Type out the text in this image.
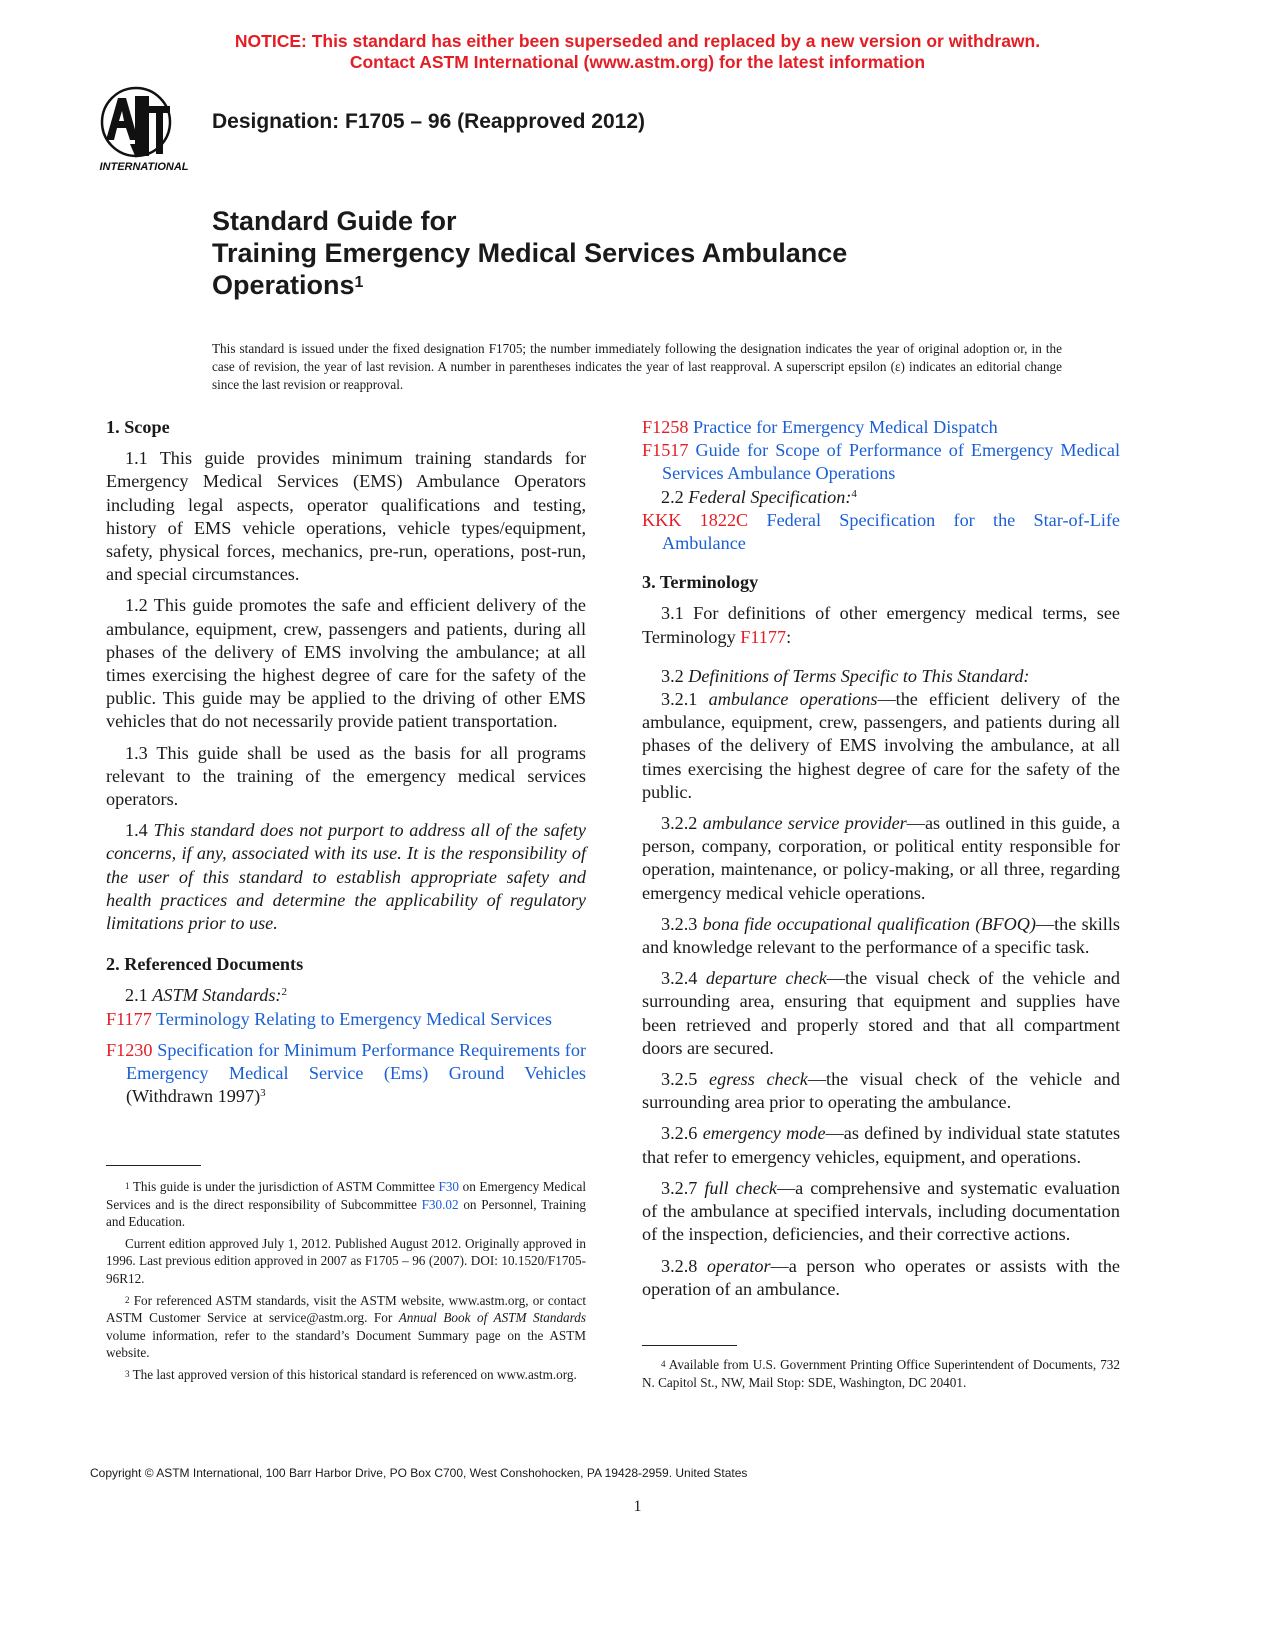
NOTICE: This standard has either been superseded and replaced by a new version or withdrawn.
Contact ASTM International (www.astm.org) for the latest information
INTERNATIONAL
Designation: F1705 – 96 (Reapproved 2012)
Standard Guide for
Training Emergency Medical Services Ambulance
Operations$^1$
This standard is issued under the fixed designation F1705; the number immediately following the designation indicates the year of original adoption or, in the case of revision, the year of last revision. A number in parentheses indicates the year of last reapproval. A superscript epsilon (ε) indicates an editorial change since the last revision or reapproval.

1. Scope

1.1 This guide provides minimum training standards for Emergency Medical Services (EMS) Ambulance Operators including legal aspects, operator qualifications and testing, history of EMS vehicle operations, vehicle types/equipment, safety, physical forces, mechanics, pre-run, operations, post-run, and special circumstances.

1.2 This guide promotes the safe and efficient delivery of the ambulance, equipment, crew, passengers and patients, during all phases of the delivery of EMS involving the ambulance; at all times exercising the highest degree of care for the safety of the public. This guide may be applied to the driving of other EMS vehicles that do not necessarily provide patient transportation.

1.3 This guide shall be used as the basis for all programs relevant to the training of the emergency medical services operators.

1.4 This standard does not purport to address all of the safety concerns, if any, associated with its use. It is the responsibility of the user of this standard to establish appropriate safety and health practices and determine the applicability of regulatory limitations prior to use.

2. Referenced Documents

2.1 ASTM Standards:$^2$

F1177 Terminology Relating to Emergency Medical Services

F1230 Specification for Minimum Performance Requirements for Emergency Medical Service (Ems) Ground Vehicles (Withdrawn 1997)$^3$

$^1$ This guide is under the jurisdiction of ASTM Committee F30 on Emergency Medical Services and is the direct responsibility of Subcommittee F30.02 on Personnel, Training and Education.

Current edition approved July 1, 2012. Published August 2012. Originally approved in 1996. Last previous edition approved in 2007 as F1705 – 96 (2007). DOI: 10.1520/F1705-96R12.

$^2$ For referenced ASTM standards, visit the ASTM website, www.astm.org, or contact ASTM Customer Service at service@astm.org. For Annual Book of ASTM Standards volume information, refer to the standard’s Document Summary page on the ASTM website.

$^3$ The last approved version of this historical standard is referenced on www.astm.org.

F1258 Practice for Emergency Medical Dispatch

F1517 Guide for Scope of Performance of Emergency Medical Services Ambulance Operations

2.2 Federal Specification:$^4$

KKK 1822C Federal Specification for the Star-of-Life Ambulance

3. Terminology

3.1 For definitions of other emergency medical terms, see Terminology F1177:

3.2 Definitions of Terms Specific to This Standard:

3.2.1 ambulance operations—the efficient delivery of the ambulance, equipment, crew, passengers, and patients during all phases of the delivery of EMS involving the ambulance, at all times exercising the highest degree of care for the safety of the public.

3.2.2 ambulance service provider—as outlined in this guide, a person, company, corporation, or political entity responsible for operation, maintenance, or policy-making, or all three, regarding emergency medical vehicle operations.

3.2.3 bona fide occupational qualification (BFOQ)—the skills and knowledge relevant to the performance of a specific task.

3.2.4 departure check—the visual check of the vehicle and surrounding area, ensuring that equipment and supplies have been retrieved and properly stored and that all compartment doors are secured.

3.2.5 egress check—the visual check of the vehicle and surrounding area prior to operating the ambulance.

3.2.6 emergency mode—as defined by individual state statutes that refer to emergency vehicles, equipment, and operations.

3.2.7 full check—a comprehensive and systematic evaluation of the ambulance at specified intervals, including documentation of the inspection, deficiencies, and their corrective actions.

3.2.8 operator—a person who operates or assists with the operation of an ambulance.

$^4$ Available from U.S. Government Printing Office Superintendent of Documents, 732 N. Capitol St., NW, Mail Stop: SDE, Washington, DC 20401.

Copyright © ASTM International, 100 Barr Harbor Drive, PO Box C700, West Conshohocken, PA 19428-2959. United States
1
